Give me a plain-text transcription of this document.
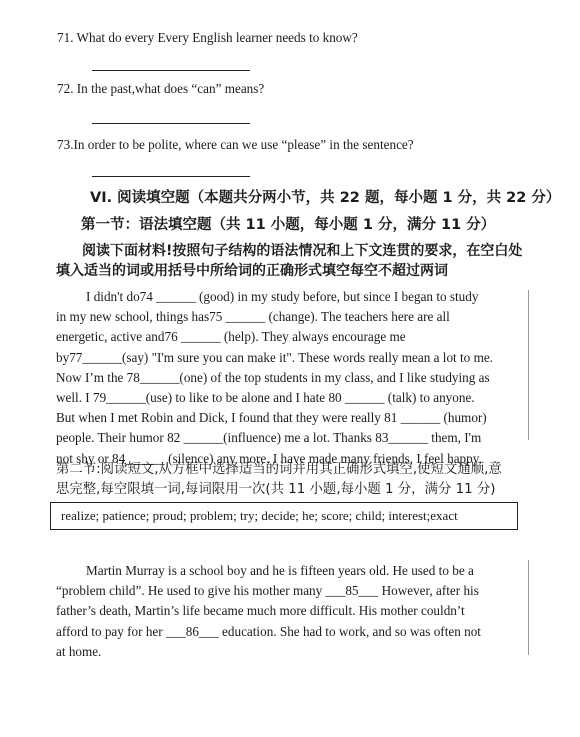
71. What do every Every English learner needs to know?
72. In the past,what does “can” means?
73.In order to be polite, where can we use “please” in the sentence?
VI. 阅读填空题（本题共分两小节，共 22 题，每小题 1 分，共 22 分）
第一节：语法填空题（共 11 小题，每小题 1 分，满分 11 分）
阅读下面材料!按照句子结构的语法情况和上下文连贯的要求，在空白处
填入适当的词或用括号中所给词的正确形式填空每空不超过两词

I didn't do74 ______ (good) in my study before, but since I began to study

in my new school, things has75 ______ (change). The teachers here are all

energetic, active and76 ______ (help). They always encourage me

by77______(say) "I'm sure you can make it". These words really mean a lot to me.

Now I’m the 78______(one) of the top students in my class, and I like studying as

well. I 79______(use) to like to be alone and I hate 80 ______ (talk) to anyone.

But when I met Robin and Dick, I found that they were really 81 ______ (humor)

people. Their humor 82 ______(influence) me a lot. Thanks 83______ them, I'm

not shy or 84______ (silence) any more. I have made many friends. I feel happy.

第二节:阅读短文,从方框中选择适当的词并用其正确形式填空,使短文通顺,意
思完整,每空限填一词,每词限用一次(共 11 小题,每小题 1 分，满分 11 分)
realize; patience; proud; problem; try; decide; he; score; child; interest;exact

Martin Murray is a school boy and he is fifteen years old. He used to be a

“problem child”. He used to give his mother many ___85___ However, after his

father’s death, Martin’s life became much more difficult. His mother couldn’t

afford to pay for her ___86___ education. She had to work, and so was often not

at home.
